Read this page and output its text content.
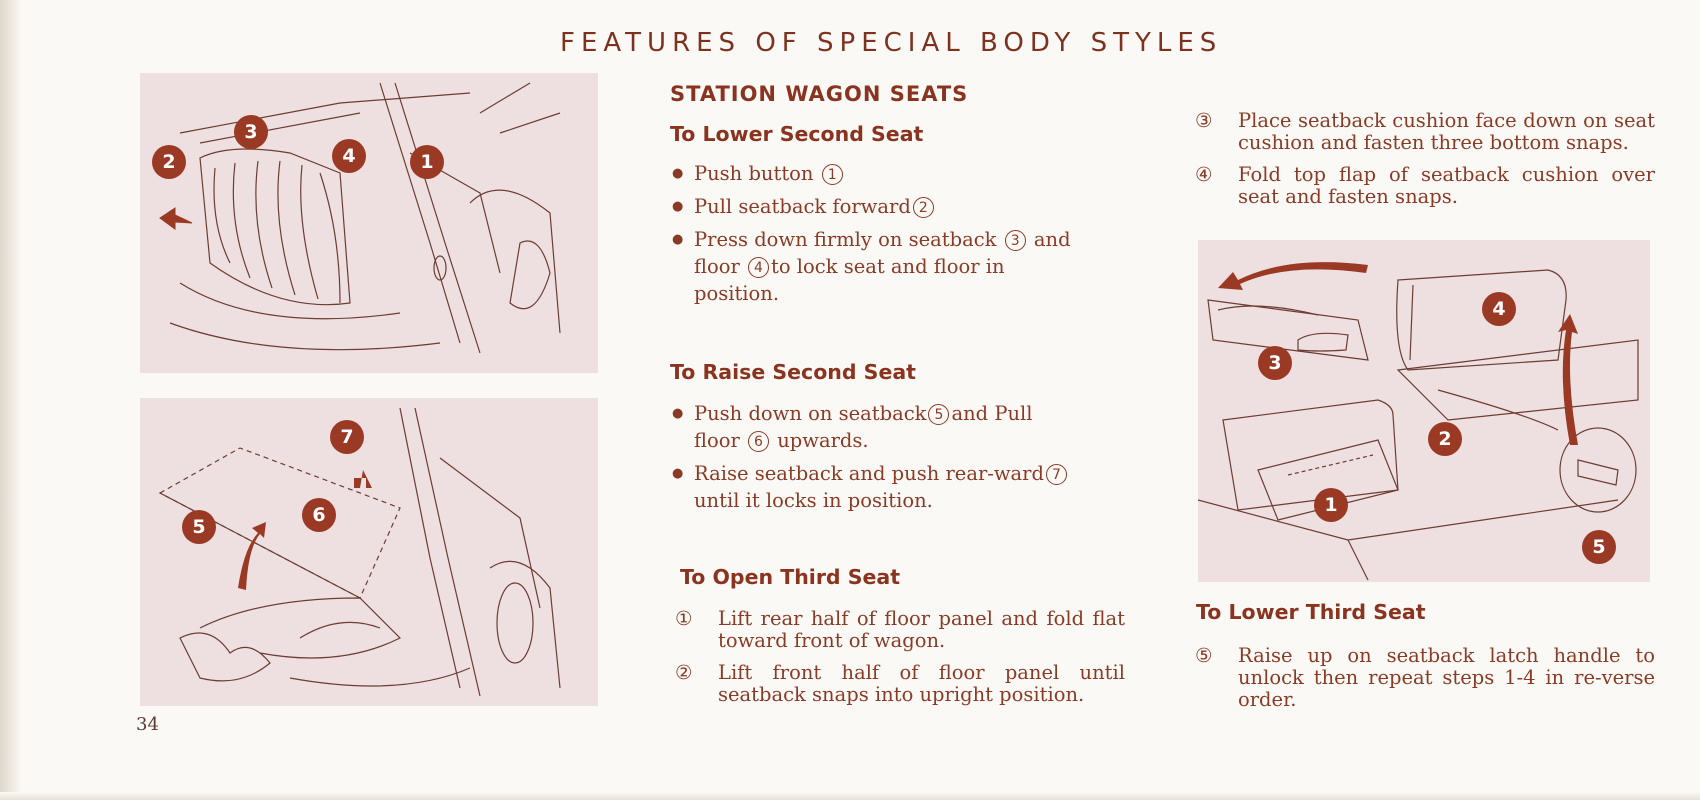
FEATURES OF SPECIAL BODY STYLES
2
3
4	1
7
5
6
4
3
2
1
5
34
STATION WAGON SEATS
To Lower Second Seat
● Push button 1
● Pull seatback forward 2
● Press down firmly on seatback 3 and floor 4 to lock seat and floor in position.
To Raise Second Seat
● Push down on seatback 5 and Pull floor 6 upwards.
● Raise seatback and push rear-ward 7 until it locks in position.
To Open Third Seat
① Lift rear half of floor panel and fold flat toward front of wagon.
② Lift front half of floor panel until seatback snaps into upright position.
③ Place seatback cushion face down on seat cushion and fasten three bottom snaps.
④ Fold top flap of seatback cushion over seat and fasten snaps.
To Lower Third Seat
⑤ Raise up on seatback latch handle to unlock then repeat steps 1-4 in re-verse order.
